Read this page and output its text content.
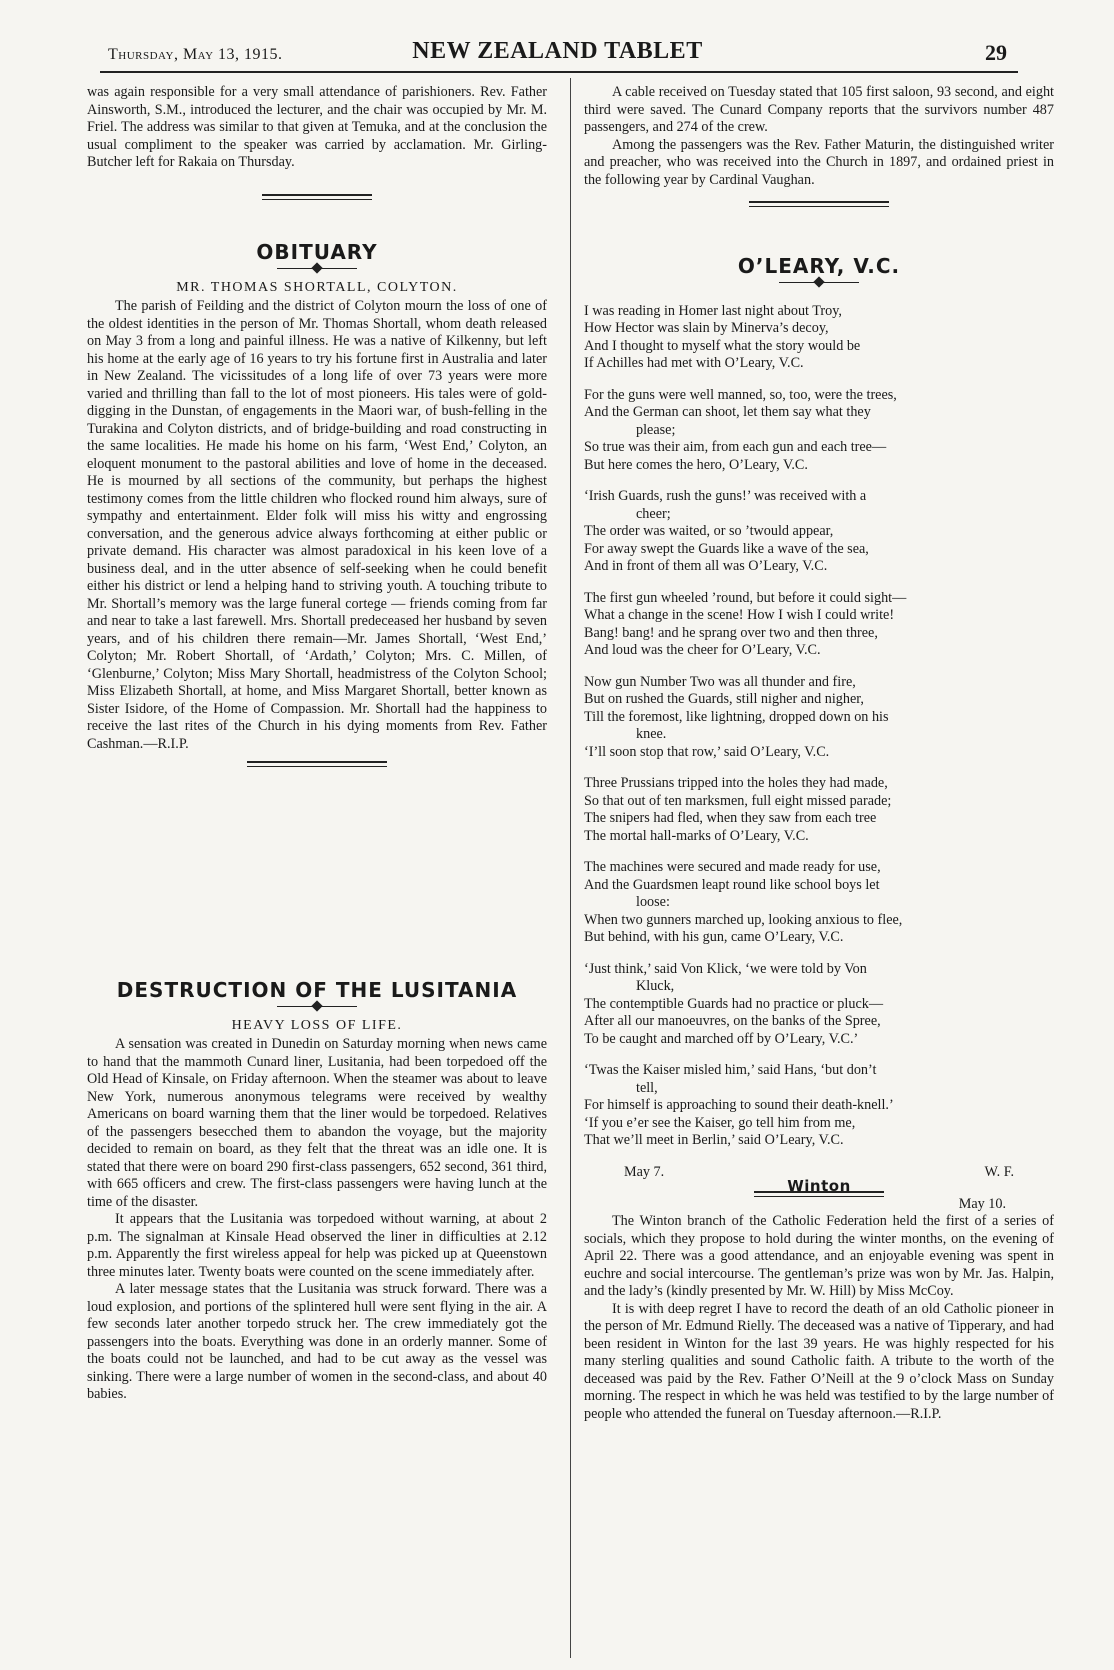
Thursday, May 13, 1915.	NEW ZEALAND TABLET	29

was again responsible for a very small attendance of parishioners. Rev. Father Ainsworth, S.M., introduced the lecturer, and the chair was occupied by Mr. M. Friel. The address was similar to that given at Temuka, and at the conclusion the usual compliment to the speaker was carried by acclamation. Mr. Girling-Butcher left for Rakaia on Thursday.

OBITUARY
MR. THOMAS SHORTALL, COLYTON.

The parish of Feilding and the district of Colyton mourn the loss of one of the oldest identities in the person of Mr. Thomas Shortall, whom death released on May 3 from a long and painful illness. He was a native of Kilkenny, but left his home at the early age of 16 years to try his fortune first in Australia and later in New Zealand. The vicissitudes of a long life of over 73 years were more varied and thrilling than fall to the lot of most pioneers. His tales were of gold-digging in the Dunstan, of engagements in the Maori war, of bush-felling in the Turakina and Colyton districts, and of bridge-building and road constructing in the same localities. He made his home on his farm, ‘West End,’ Colyton, an eloquent monument to the pastoral abilities and love of home in the deceased. He is mourned by all sections of the community, but perhaps the highest testimony comes from the little children who flocked round him always, sure of sympathy and entertainment. Elder folk will miss his witty and engrossing conversation, and the generous advice always forthcoming at either public or private demand. His character was almost paradoxical in his keen love of a business deal, and in the utter absence of self-seeking when he could benefit either his district or lend a helping hand to striving youth. A touching tribute to Mr. Shortall’s memory was the large funeral cortege — friends coming from far and near to take a last farewell. Mrs. Shortall predeceased her husband by seven years, and of his children there remain—Mr. James Shortall, ‘West End,’ Colyton; Mr. Robert Shortall, of ‘Ardath,’ Colyton; Mrs. C. Millen, of ‘Glenburne,’ Colyton; Miss Mary Shortall, headmistress of the Colyton School; Miss Elizabeth Shortall, at home, and Miss Margaret Shortall, better known as Sister Isidore, of the Home of Compassion. Mr. Shortall had the happiness to receive the last rites of the Church in his dying moments from Rev. Father Cashman.—R.I.P.

DESTRUCTION OF THE LUSITANIA
HEAVY LOSS OF LIFE.

A sensation was created in Dunedin on Saturday morning when news came to hand that the mammoth Cunard liner, Lusitania, had been torpedoed off the Old Head of Kinsale, on Friday afternoon. When the steamer was about to leave New York, numerous anonymous telegrams were received by wealthy Americans on board warning them that the liner would be torpedoed. Relatives of the passengers besecched them to abandon the voyage, but the majority decided to remain on board, as they felt that the threat was an idle one. It is stated that there were on board 290 first-class passengers, 652 second, 361 third, with 665 officers and crew. The first-class passengers were having lunch at the time of the disaster.

It appears that the Lusitania was torpedoed without warning, at about 2 p.m. The signalman at Kinsale Head observed the liner in difficulties at 2.12 p.m. Apparently the first wireless appeal for help was picked up at Queenstown three minutes later. Twenty boats were counted on the scene immediately after.

A later message states that the Lusitania was struck forward. There was a loud explosion, and portions of the splintered hull were sent flying in the air. A few seconds later another torpedo struck her. The crew immediately got the passengers into the boats. Everything was done in an orderly manner. Some of the boats could not be launched, and had to be cut away as the vessel was sinking. There were a large number of women in the second-class, and about 40 babies.

A cable received on Tuesday stated that 105 first saloon, 93 second, and eight third were saved. The Cunard Company reports that the survivors number 487 passengers, and 274 of the crew.

Among the passengers was the Rev. Father Maturin, the distinguished writer and preacher, who was received into the Church in 1897, and ordained priest in the following year by Cardinal Vaughan.

O’LEARY, V.C.
I was reading in Homer last night about Troy,
How Hector was slain by Minerva’s decoy,
And I thought to myself what the story would be
If Achilles had met with O’Leary, V.C.
For the guns were well manned, so, too, were the trees,
And the German can shoot, let them say what they
please;
So true was their aim, from each gun and each tree—
But here comes the hero, O’Leary, V.C.
‘Irish Guards, rush the guns!’ was received with a
cheer;
The order was waited, or so ’twould appear,
For away swept the Guards like a wave of the sea,
And in front of them all was O’Leary, V.C.
The first gun wheeled ’round, but before it could sight—
What a change in the scene! How I wish I could write!
Bang! bang! and he sprang over two and then three,
And loud was the cheer for O’Leary, V.C.
Now gun Number Two was all thunder and fire,
But on rushed the Guards, still nigher and nigher,
Till the foremost, like lightning, dropped down on his
knee.
‘I’ll soon stop that row,’ said O’Leary, V.C.
Three Prussians tripped into the holes they had made,
So that out of ten marksmen, full eight missed parade;
The snipers had fled, when they saw from each tree
The mortal hall-marks of O’Leary, V.C.
The machines were secured and made ready for use,
And the Guardsmen leapt round like school boys let
loose:
When two gunners marched up, looking anxious to flee,
But behind, with his gun, came O’Leary, V.C.
‘Just think,’ said Von Klick, ‘we were told by Von
Kluck,
The contemptible Guards had no practice or pluck—
After all our manoeuvres, on the banks of the Spree,
To be caught and marched off by O’Leary, V.C.’
‘Twas the Kaiser misled him,’ said Hans, ‘but don’t
tell,
For himself is approaching to sound their death-knell.’
‘If you e’er see the Kaiser, go tell him from me,
That we’ll meet in Berlin,’ said O’Leary, V.C.
May 7.	W. F.
Winton
May 10.

The Winton branch of the Catholic Federation held the first of a series of socials, which they propose to hold during the winter months, on the evening of April 22. There was a good attendance, and an enjoyable evening was spent in euchre and social intercourse. The gentleman’s prize was won by Mr. Jas. Halpin, and the lady’s (kindly presented by Mr. W. Hill) by Miss McCoy.

It is with deep regret I have to record the death of an old Catholic pioneer in the person of Mr. Edmund Rielly. The deceased was a native of Tipperary, and had been resident in Winton for the last 39 years. He was highly respected for his many sterling qualities and sound Catholic faith. A tribute to the worth of the deceased was paid by the Rev. Father O’Neill at the 9 o’clock Mass on Sunday morning. The respect in which he was held was testified to by the large number of people who attended the funeral on Tuesday afternoon.—R.I.P.
